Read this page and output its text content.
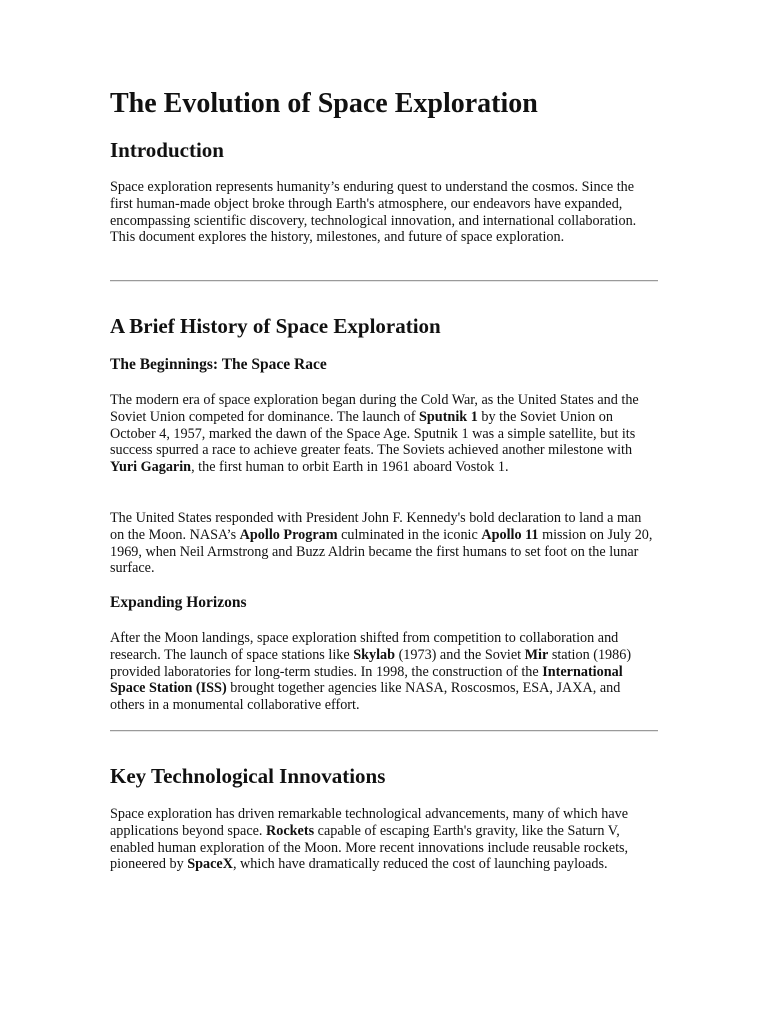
The Evolution of Space Exploration
Introduction

Space exploration represents humanity’s enduring quest to understand the cosmos. Since the first human-made object broke through Earth's atmosphere, our endeavors have expanded, encompassing scientific discovery, technological innovation, and international collaboration. This document explores the history, milestones, and future of space exploration.

A Brief History of Space Exploration
The Beginnings: The Space Race

The modern era of space exploration began during the Cold War, as the United States and the Soviet Union competed for dominance. The launch of Sputnik 1 by the Soviet Union on October 4, 1957, marked the dawn of the Space Age. Sputnik 1 was a simple satellite, but its success spurred a race to achieve greater feats. The Soviets achieved another milestone with Yuri Gagarin, the first human to orbit Earth in 1961 aboard Vostok 1.

The United States responded with President John F. Kennedy's bold declaration to land a man on the Moon. NASA’s Apollo Program culminated in the iconic Apollo 11 mission on July 20, 1969, when Neil Armstrong and Buzz Aldrin became the first humans to set foot on the lunar surface.

Expanding Horizons

After the Moon landings, space exploration shifted from competition to collaboration and research. The launch of space stations like Skylab (1973) and the Soviet Mir station (1986) provided laboratories for long-term studies. In 1998, the construction of the International Space Station (ISS) brought together agencies like NASA, Roscosmos, ESA, JAXA, and others in a monumental collaborative effort.

Key Technological Innovations

Space exploration has driven remarkable technological advancements, many of which have applications beyond space. Rockets capable of escaping Earth's gravity, like the Saturn V, enabled human exploration of the Moon. More recent innovations include reusable rockets, pioneered by SpaceX, which have dramatically reduced the cost of launching payloads.
